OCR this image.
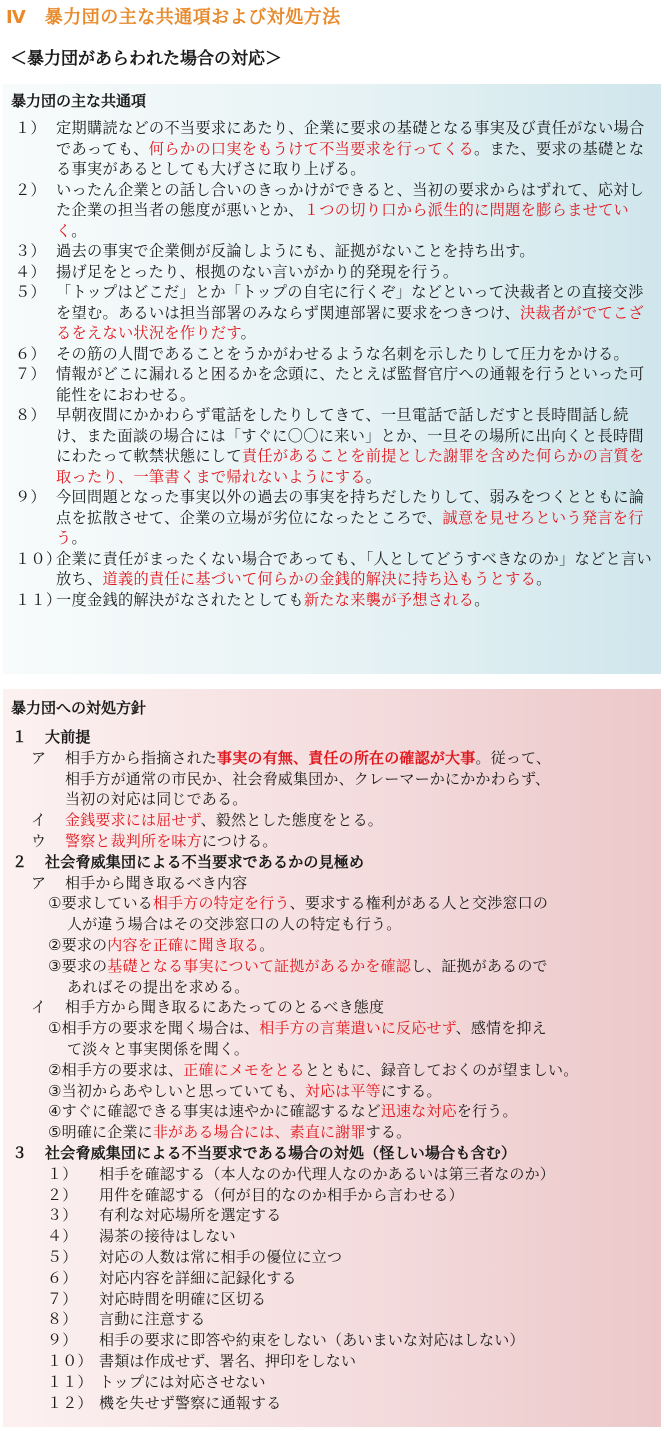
Ⅳ　暴力団の主な共通項および対処方法
＜暴力団があらわれた場合の対応＞
暴力団の主な共通項
１） 定期購読などの不当要求にあたり、企業に要求の基礎となる事実及び責任がない場合であっても、何らかの口実をもうけて不当要求を行ってくる。また、要求の基礎となる事実があるとしても大げさに取り上げる。
２） いったん企業との話し合いのきっかけができると、当初の要求からはずれて、応対した企業の担当者の態度が悪いとか、１つの切り口から派生的に問題を膨らませていく。
３） 過去の事実で企業側が反論しようにも、証拠がないことを持ち出す。
４） 揚げ足をとったり、根拠のない言いがかり的発現を行う。
５） 「トップはどこだ」とか「トップの自宅に行くぞ」などといって決裁者との直接交渉を望む。あるいは担当部署のみならず関連部署に要求をつきつけ、決裁者がでてこざるをえない状況を作りだす。
６） その筋の人間であることをうかがわせるような名刺を示したりして圧力をかける。
７） 情報がどこに漏れると困るかを念頭に、たとえば監督官庁への通報を行うといった可能性をにおわせる。
８） 早朝夜間にかかわらず電話をしたりしてきて、一旦電話で話しだすと長時間話し続け、また面談の場合には「すぐに〇〇に来い」とか、一旦その場所に出向くと長時間にわたって軟禁状態にして責任があることを前提とした謝罪を含めた何らかの言質を取ったり、一筆書くまで帰れないようにする。
９） 今回問題となった事実以外の過去の事実を持ちだしたりして、弱みをつくとともに論点を拡散させて、企業の立場が劣位になったところで、誠意を見せろという発言を行う。
１０）
企業に責任がまったくない場合であっても、「人としてどうすべきなのか」などと言い放ち、道義的責任に基づいて何らかの金銭的解決に持ち込もうとする。
１１）
一度金銭的解決がなされたとしても新たな来襲が予想される。
暴力団への対処方針
１ 大前提
ア 相手方から指摘された事実の有無、責任の所在の確認が大事。従って、
相手方が通常の市民か、社会脅威集団か、クレーマーかにかかわらず、
当初の対応は同じである。
イ 金銭要求には屈せず、毅然とした態度をとる。
ウ 警察と裁判所を味方につける。
２ 社会脅威集団による不当要求であるかの見極め
ア 相手から聞き取るべき内容
①要求している相手方の特定を行う、要求する権利がある人と交渉窓口の
人が違う場合はその交渉窓口の人の特定も行う。
②要求の内容を正確に聞き取る。
③要求の基礎となる事実について証拠があるかを確認し、証拠があるので
あればその提出を求める。
イ 相手方から聞き取るにあたってのとるべき態度
①相手方の要求を聞く場合は、相手方の言葉遣いに反応せず、感情を抑え
て淡々と事実関係を聞く。
②相手方の要求は、正確にメモをとるとともに、録音しておくのが望ましい。
③当初からあやしいと思っていても、対応は平等にする。
④すぐに確認できる事実は速やかに確認するなど迅速な対応を行う。
⑤明確に企業に非がある場合には、素直に謝罪する。
３ 社会脅威集団による不当要求である場合の対処（怪しい場合も含む）
１） 相手を確認する（本人なのか代理人なのかあるいは第三者なのか）
２） 用件を確認する（何が目的なのか相手から言わせる）
３） 有利な対応場所を選定する
４） 湯茶の接待はしない
５） 対応の人数は常に相手の優位に立つ
６） 対応内容を詳細に記録化する
７） 対応時間を明確に区切る
８） 言動に注意する
９） 相手の要求に即答や約束をしない（あいまいな対応はしない）
１０） 書類は作成せず、署名、押印をしない
１１） トップには対応させない
１２） 機を失せず警察に通報する
